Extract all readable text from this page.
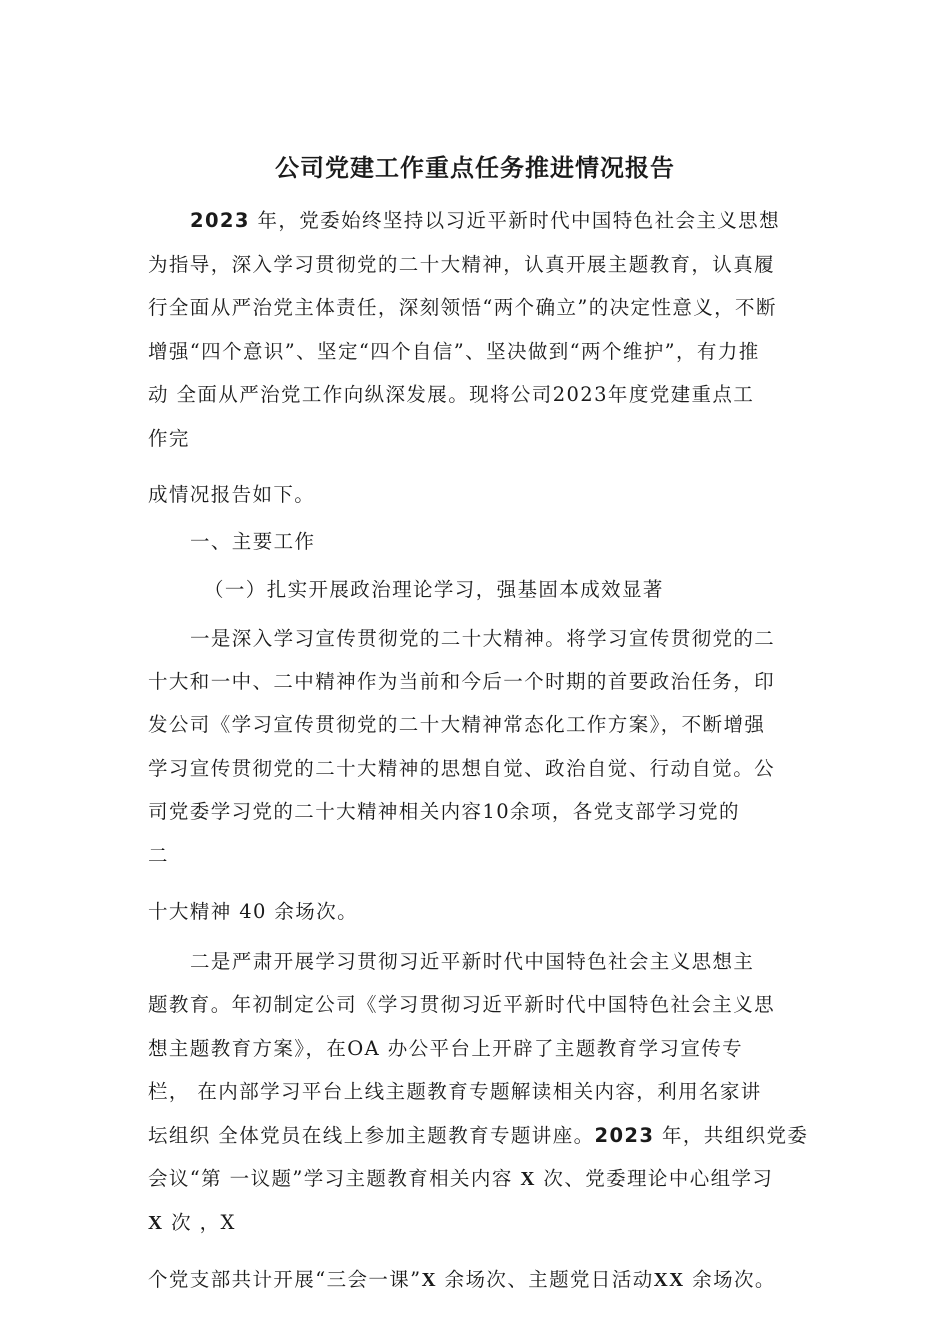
公司党建工作重点任务推进情况报告
2023 年，党委始终坚持以习近平新时代中国特色社会主义思想
为指导，深入学习贯彻党的二十大精神，认真开展主题教育，认真履
行全面从严治党主体责任，深刻领悟“两个确立”的决定性意义，不断
增强“四个意识”、坚定“四个自信”、坚决做到“两个维护”，有力推
动 全面从严治党工作向纵深发展。现将公司2023年度党建重点工
作完
成情况报告如下。
一、主要工作
（一）扎实开展政治理论学习，强基固本成效显著
一是深入学习宣传贯彻党的二十大精神。将学习宣传贯彻党的二
十大和一中、二中精神作为当前和今后一个时期的首要政治任务，印
发公司《学习宣传贯彻党的二十大精神常态化工作方案》，不断增强
学习宣传贯彻党的二十大精神的思想自觉、政治自觉、行动自觉。公
司党委学习党的二十大精神相关内容10余项，各党支部学习党的
二
十大精神 40 余场次。
二是严肃开展学习贯彻习近平新时代中国特色社会主义思想主
题教育。年初制定公司《学习贯彻习近平新时代中国特色社会主义思
想主题教育方案》，在OA 办公平台上开辟了主题教育学习宣传专
栏， 在内部学习平台上线主题教育专题解读相关内容，利用名家讲
坛组织 全体党员在线上参加主题教育专题讲座。2023 年，共组织党委
会议“第 一议题”学习主题教育相关内容 X 次、党委理论中心组学习
X 次 ，X
个党支部共计开展“三会一课”X 余场次、主题党日活动XX 余场次。
